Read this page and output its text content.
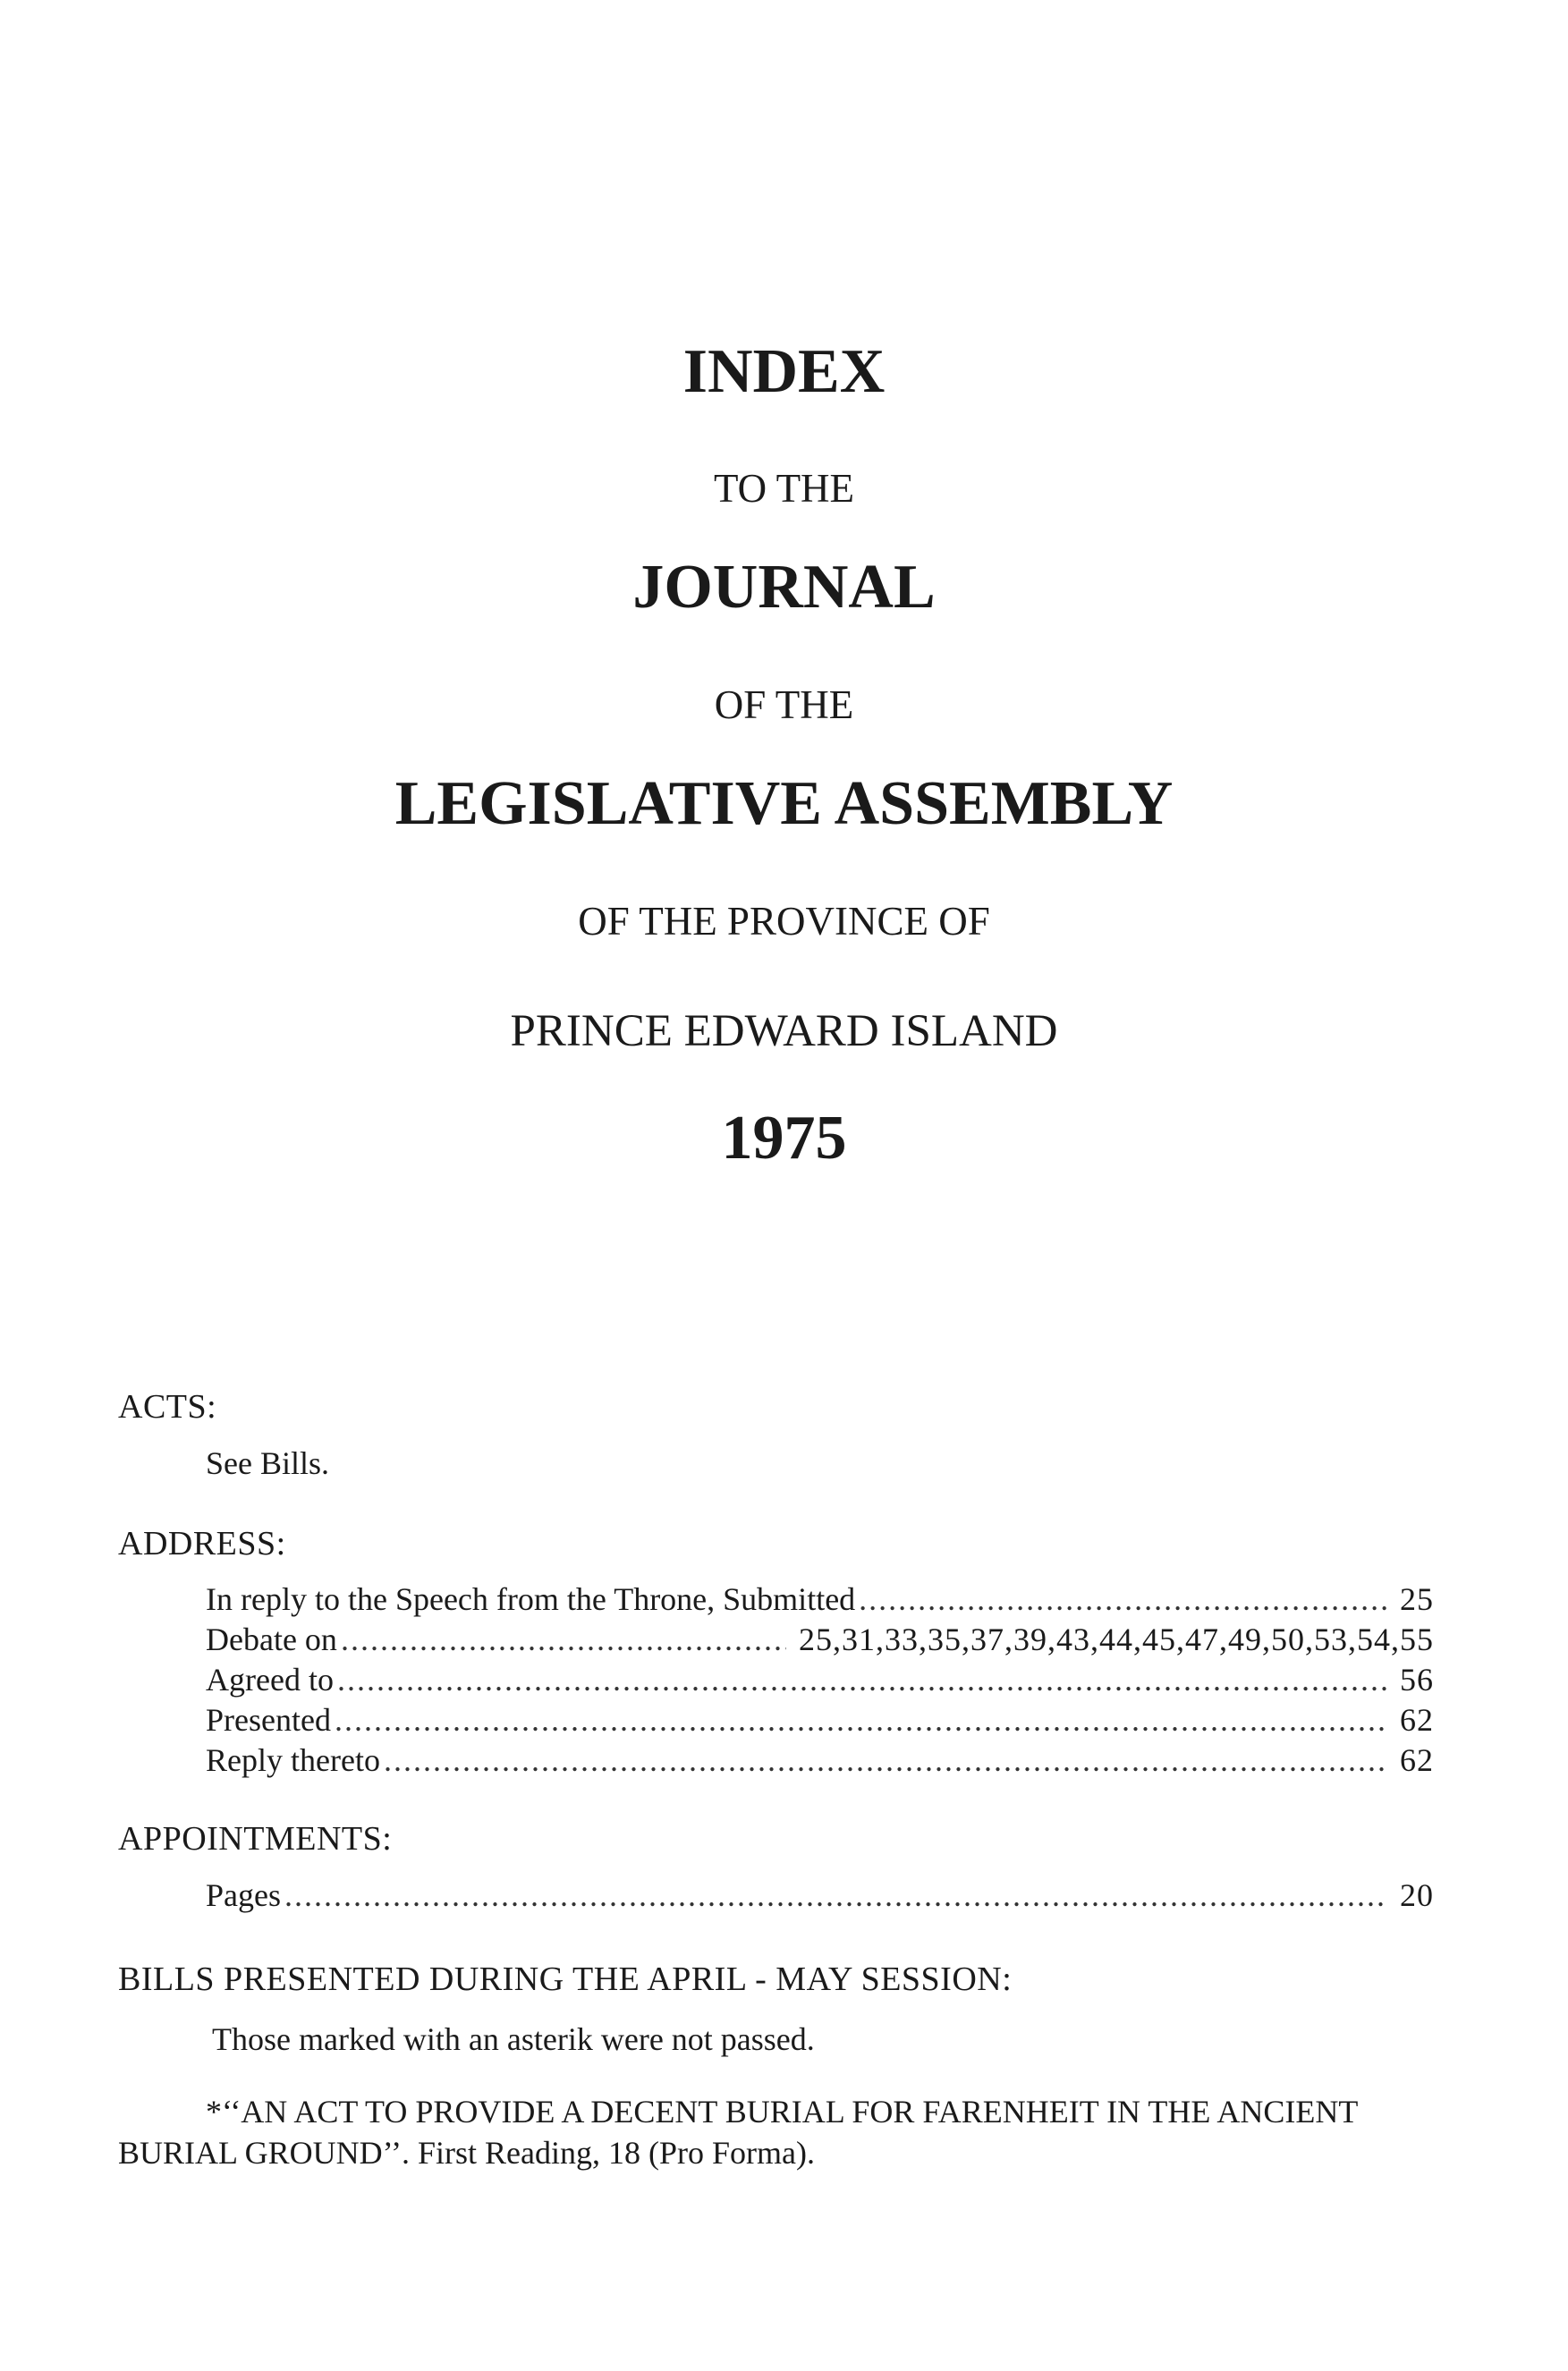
INDEX
TO THE
JOURNAL
OF THE
LEGISLATIVE ASSEMBLY
OF THE PROVINCE OF
PRINCE EDWARD ISLAND
1975
ACTS:
See Bills.
ADDRESS:
In reply to the Speech from the Throne, Submitted .....	25
Debate on .....	25,31,33,35,37,39,43,44,45,47,49,50,53,54,55
Agreed to .....	56
Presented .....	62
Reply thereto .....	62
APPOINTMENTS:
Pages .....	20
BILLS PRESENTED DURING THE APRIL - MAY SESSION:
Those marked with an asterik were not passed.
*‘‘AN ACT TO PROVIDE A DECENT BURIAL FOR FARENHEIT IN THE ANCIENT BURIAL GROUND’’. First Reading, 18 (Pro Forma).
